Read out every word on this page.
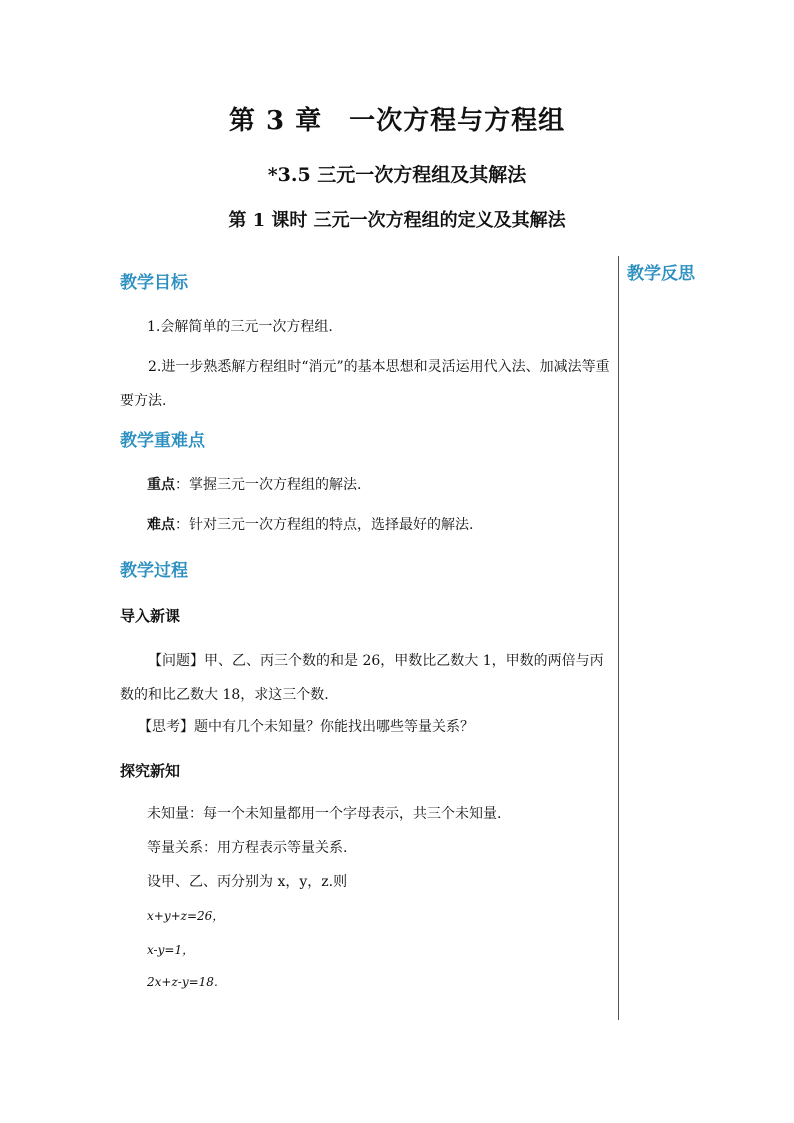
第 3 章　一次方程与方程组
*3.5 三元一次方程组及其解法
第 1 课时 三元一次方程组的定义及其解法
教学反思
教学目标
1.会解简单的三元一次方程组.
2.进一步熟悉解方程组时“消元”的基本思想和灵活运用代入法、加减法等重要方法.
教学重难点
重点：掌握三元一次方程组的解法.
难点：针对三元一次方程组的特点，选择最好的解法.
教学过程
导入新课
【问题】甲、乙、丙三个数的和是 26，甲数比乙数大 1，甲数的两倍与丙数的和比乙数大 18，求这三个数.
【思考】题中有几个未知量？你能找出哪些等量关系？
探究新知
未知量：每一个未知量都用一个字母表示，共三个未知量.
等量关系：用方程表示等量关系.
设甲、乙、丙分别为 x，y，z.则
x+y+z=26，
x-y=1，
2x+z-y=18.
